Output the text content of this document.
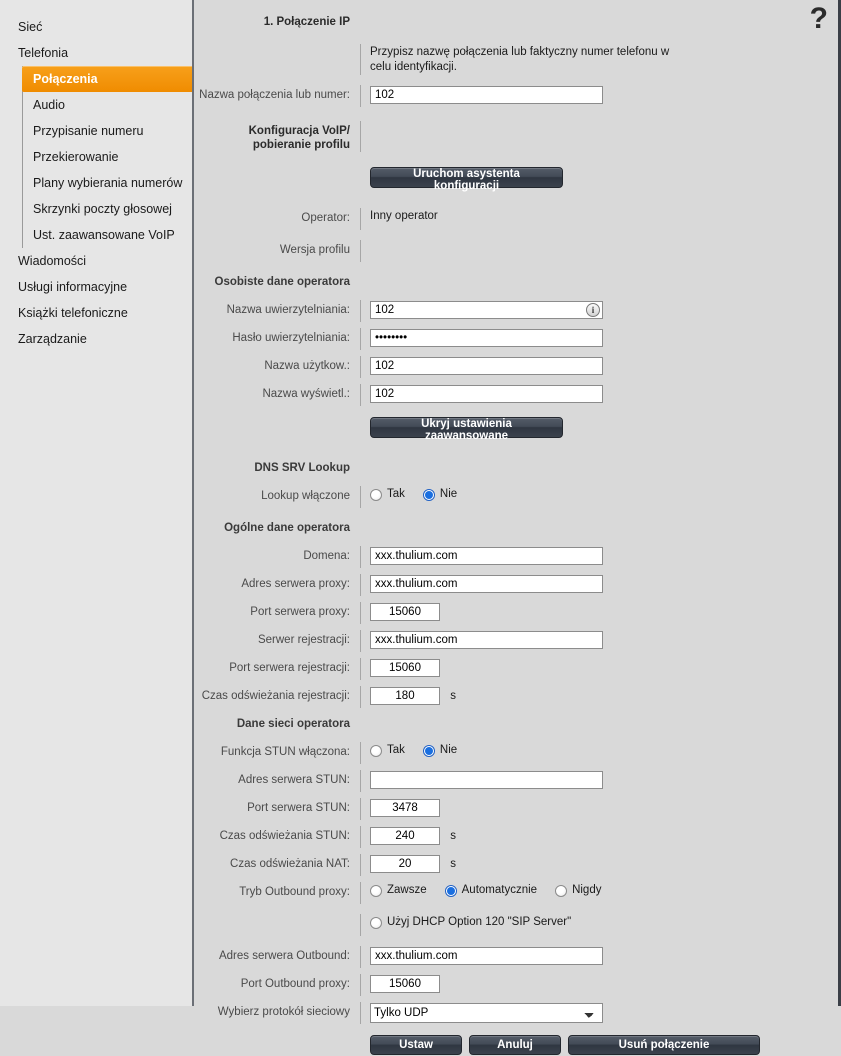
Sieć
Telefonia
Połączenia
Audio
Przypisanie numeru
Przekierowanie
Plany wybierania numerów
Skrzynki poczty głosowej
Ust. zaawansowane VoIP
Wiadomości
Usługi informacyjne
Książki telefoniczne
Zarządzanie
?
1. Połączenie IP

Przypisz nazwę połączenia lub faktyczny numer telefonu w celu identyfikacji.
Nazwa połączenia lub numer:
102
Konfiguracja VoIP/ pobieranie profilu

Uruchom asystenta konfiguracji
Operator:	Inny operator
Wersja profilu
Osobiste dane operatora

Nazwa uwierzytelniania:
102	i
Hasło uwierzytelniania:
••••••••
Nazwa użytkow.:
102
Nazwa wyświetl.:
102

Ukryj ustawienia zaawansowane
DNS SRV Lookup

Lookup włączone	Tak	Nie
Ogólne dane operatora

Domena:
xxx.thulium.com
Adres serwera proxy:
xxx.thulium.com
Port serwera proxy:
15060
Serwer rejestracji:
xxx.thulium.com
Port serwera rejestracji:
15060
Czas odświeżania rejestracji:
180	s
Dane sieci operatora

Funkcja STUN włączona:	Tak	Nie
Adres serwera STUN:
Port serwera STUN:
3478
Czas odświeżania STUN:
240	s
Czas odświeżania NAT:
20	s
Tryb Outbound proxy:	Zawsze	Automatycznie	Nigdy

Użyj DHCP Option 120 "SIP Server"
Adres serwera Outbound:
xxx.thulium.com
Port Outbound proxy:
15060
Wybierz protokół sieciowy
Tylko UDP

Ustaw	Anuluj	Usuń połączenie
